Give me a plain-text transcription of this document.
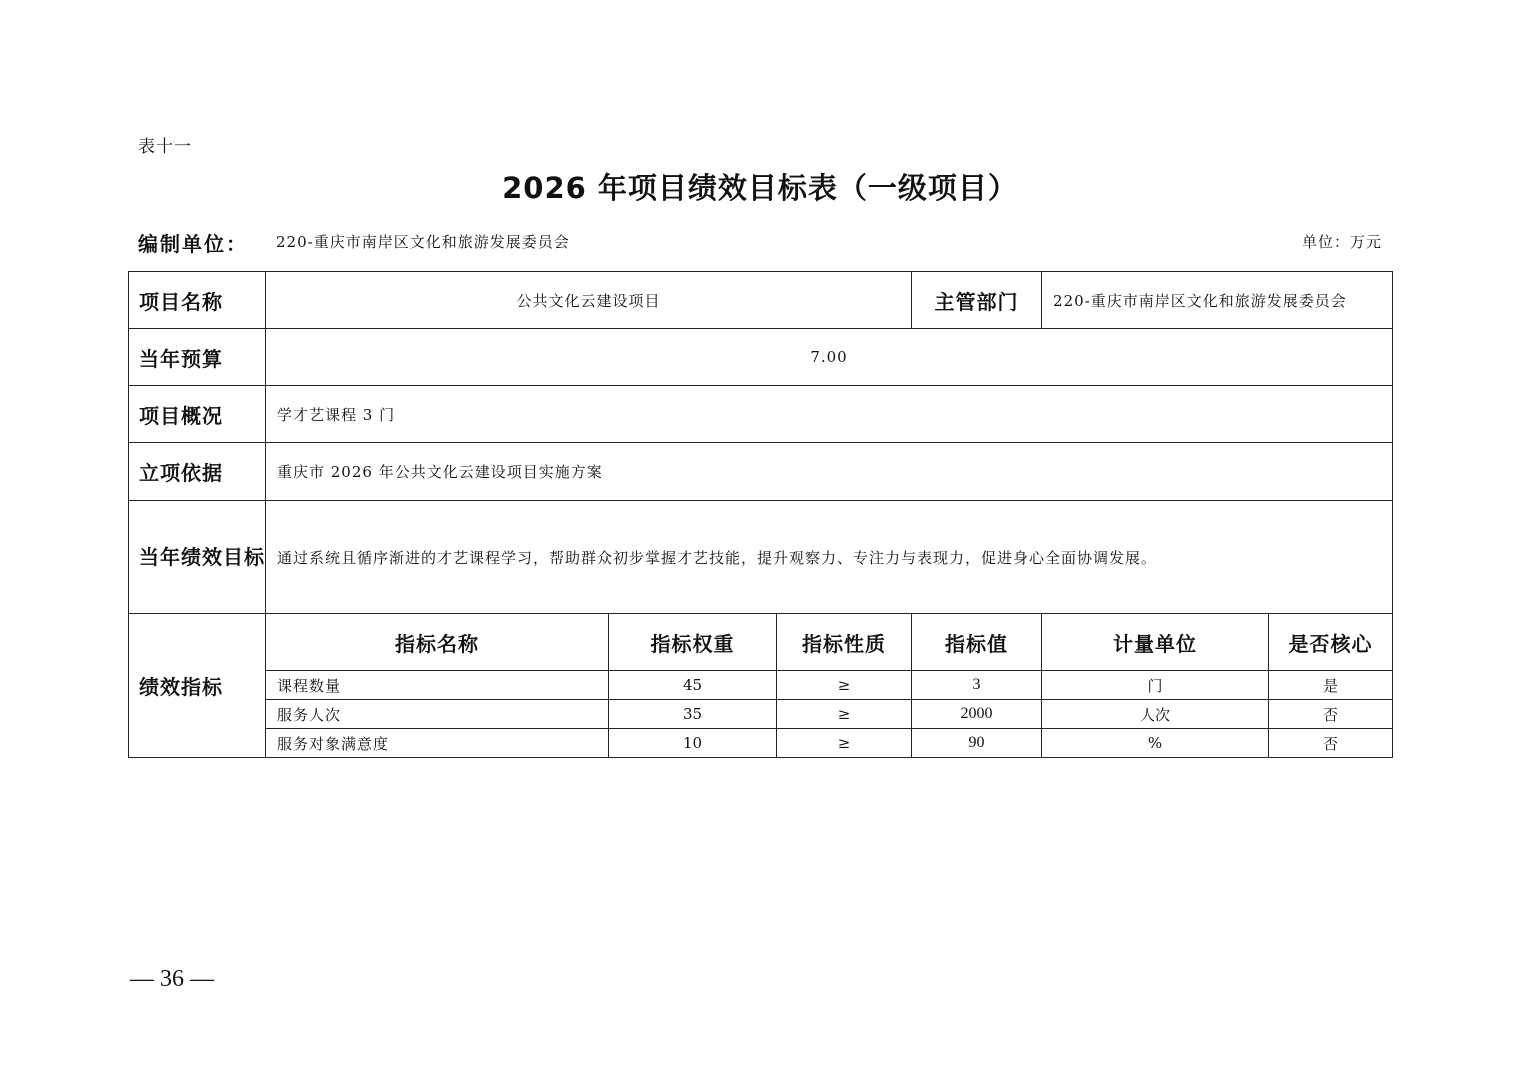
表十一
2026 年项目绩效目标表（一级项目）
编制单位： 220-重庆市南岸区文化和旅游发展委员会	单位：万元
项目名称	公共文化云建设项目			主管部门	220-重庆市南岸区文化和旅游发展委员会	
当年预算	7.00					
项目概况	学才艺课程 3 门					
立项依据	重庆市 2026 年公共文化云建设项目实施方案					
当年绩效目标	通过系统且循序渐进的才艺课程学习，帮助群众初步掌握才艺技能，提升观察力、专注力与表现力，促进身心全面协调发展。					
绩效指标	指标名称	指标权重	指标性质	指标值	计量单位	是否核心
	课程数量	45	≥	3	门	是
	服务人次	35	≥	2000	人次	否
	服务对象满意度	10	≥	90	%	否
— 36 —
